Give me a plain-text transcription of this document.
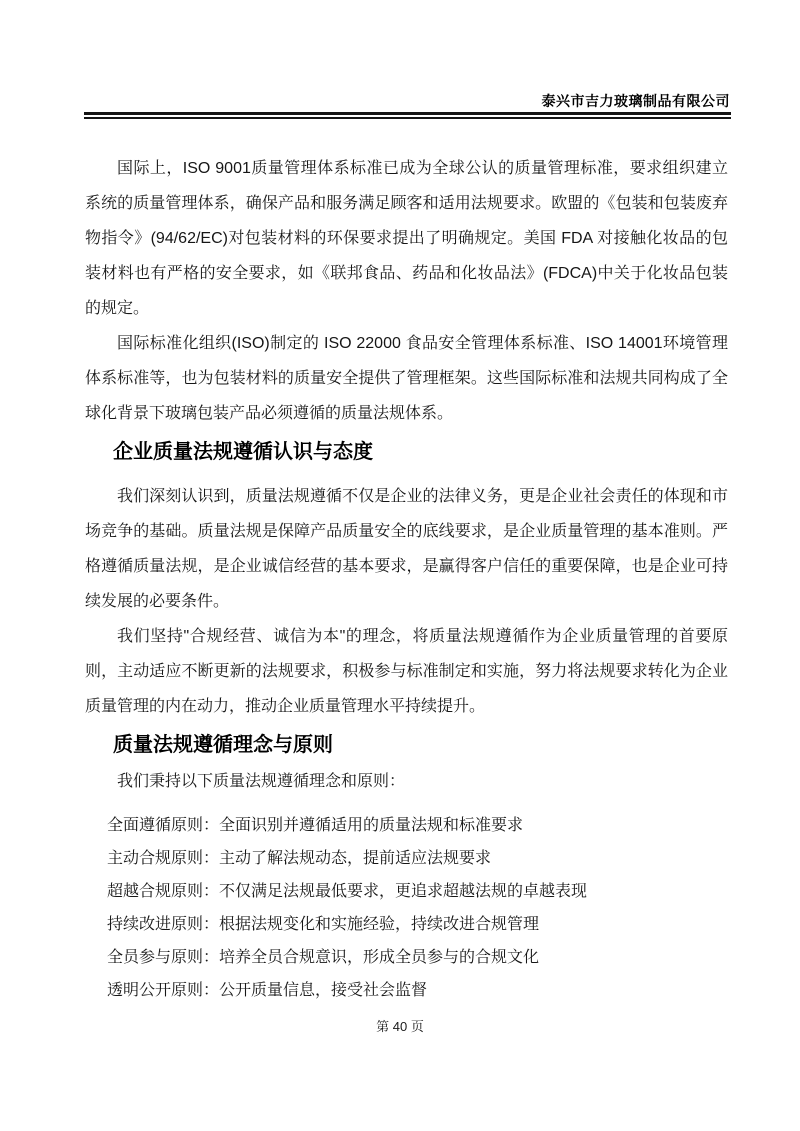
泰兴市吉力玻璃制品有限公司

国际上，ISO 9001质量管理体系标准已成为全球公认的质量管理标准，要求组织建立系统的质量管理体系，确保产品和服务满足顾客和适用法规要求。欧盟的《包装和包装废弃物指令》(94/62/EC)对包装材料的环保要求提出了明确规定。美国 FDA 对接触化妆品的包装材料也有严格的安全要求，如《联邦食品、药品和化妆品法》(FDCA)中关于化妆品包装的规定。

国际标准化组织(ISO)制定的 ISO 22000 食品安全管理体系标准、ISO 14001环境管理体系标准等，也为包装材料的质量安全提供了管理框架。这些国际标准和法规共同构成了全球化背景下玻璃包装产品必须遵循的质量法规体系。

企业质量法规遵循认识与态度

我们深刻认识到，质量法规遵循不仅是企业的法律义务，更是企业社会责任的体现和市场竞争的基础。质量法规是保障产品质量安全的底线要求，是企业质量管理的基本准则。严格遵循质量法规，是企业诚信经营的基本要求，是赢得客户信任的重要保障，也是企业可持续发展的必要条件。

我们坚持"合规经营、诚信为本"的理念，将质量法规遵循作为企业质量管理的首要原则，主动适应不断更新的法规要求，积极参与标准制定和实施，努力将法规要求转化为企业质量管理的内在动力，推动企业质量管理水平持续提升。

质量法规遵循理念与原则

我们秉持以下质量法规遵循理念和原则：

全面遵循原则：全面识别并遵循适用的质量法规和标准要求
主动合规原则：主动了解法规动态，提前适应法规要求
超越合规原则：不仅满足法规最低要求，更追求超越法规的卓越表现
持续改进原则：根据法规变化和实施经验，持续改进合规管理
全员参与原则：培养全员合规意识，形成全员参与的合规文化
透明公开原则：公开质量信息，接受社会监督
第 40 页
